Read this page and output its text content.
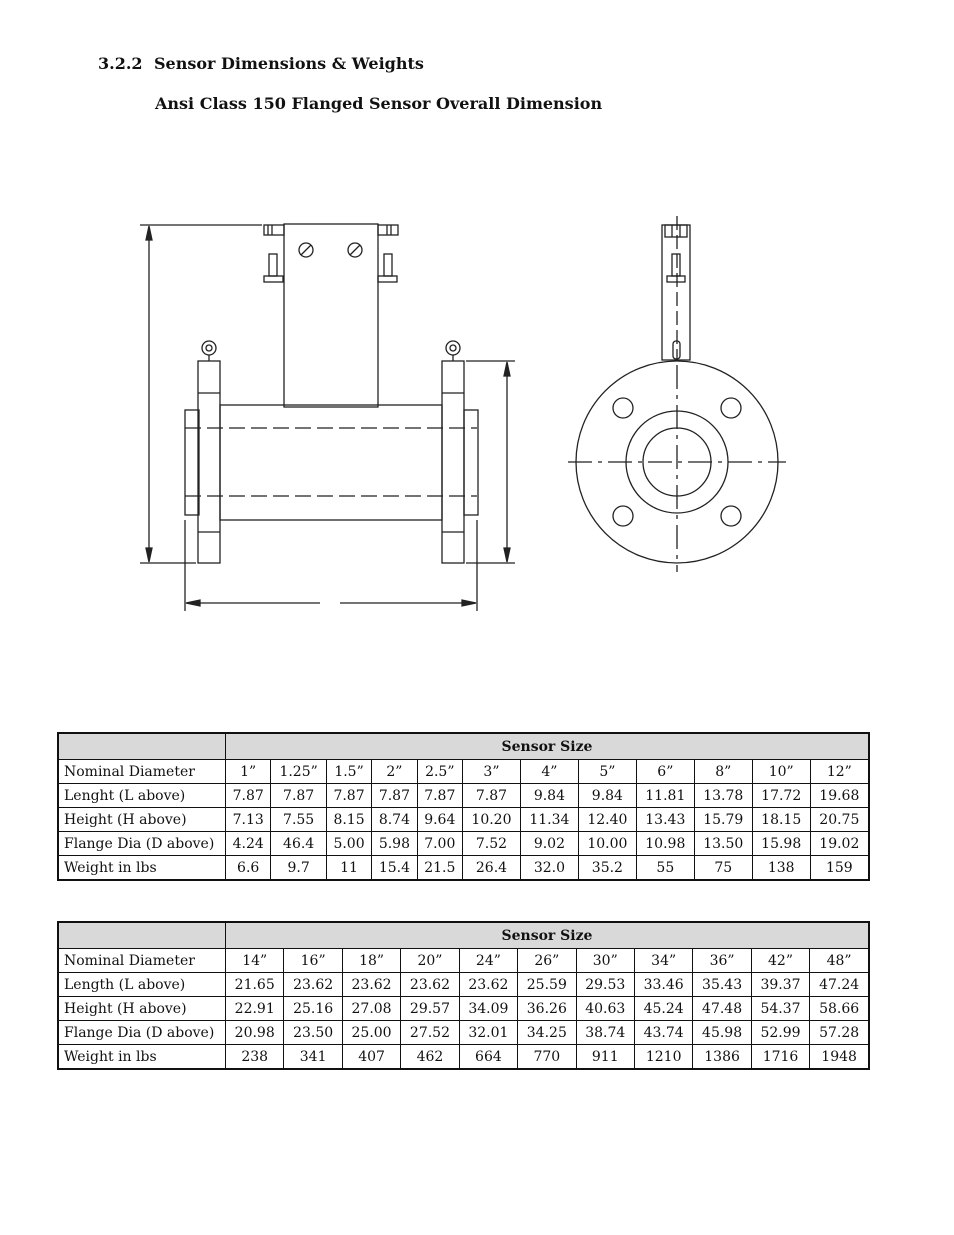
3.2.2 Sensor Dimensions & Weights
Ansi Class 150 Flanged Sensor Overall Dimension
	Sensor Size											
Nominal Diameter	1”	1.25”	1.5”	2”	2.5”	3”	4”	5”	6”	8”	10”	12”
Lenght (L above)	7.87	7.87	7.87	7.87	7.87	7.87	9.84	9.84	11.81	13.78	17.72	19.68
Height (H above)	7.13	7.55	8.15	8.74	9.64	10.20	11.34	12.40	13.43	15.79	18.15	20.75
Flange Dia (D above)	4.24	46.4	5.00	5.98	7.00	7.52	9.02	10.00	10.98	13.50	15.98	19.02
Weight in lbs	6.6	9.7	11	15.4	21.5	26.4	32.0	35.2	55	75	138	159
	Sensor Size										
Nominal Diameter	14”	16”	18”	20”	24”	26”	30”	34”	36”	42”	48”
Length (L above)	21.65	23.62	23.62	23.62	23.62	25.59	29.53	33.46	35.43	39.37	47.24
Height (H above)	22.91	25.16	27.08	29.57	34.09	36.26	40.63	45.24	47.48	54.37	58.66
Flange Dia (D above)	20.98	23.50	25.00	27.52	32.01	34.25	38.74	43.74	45.98	52.99	57.28
Weight in lbs	238	341	407	462	664	770	911	1210	1386	1716	1948
